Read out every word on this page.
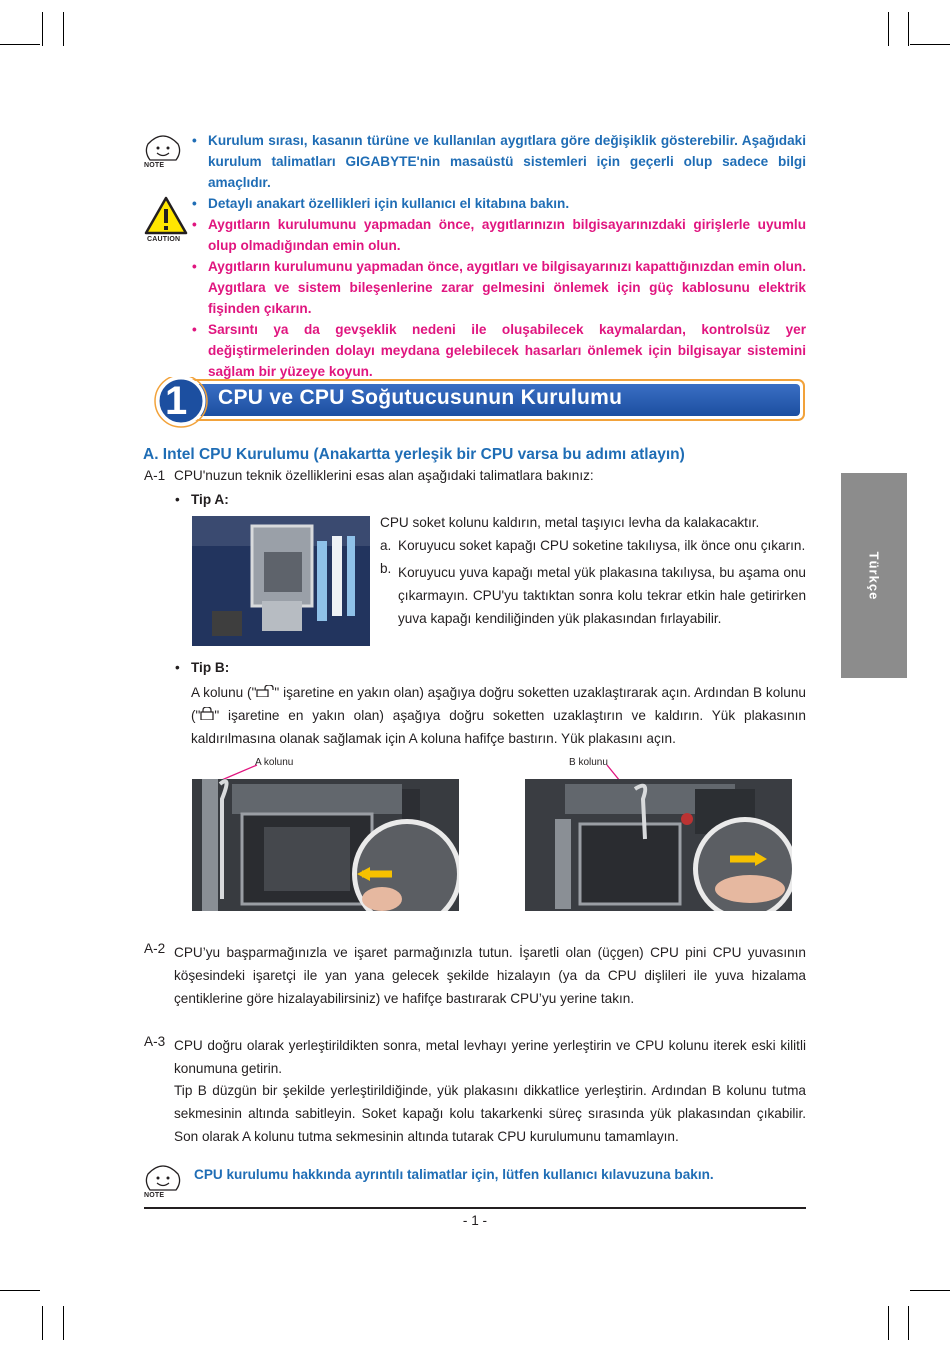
NOTE
CAUTION
• Kurulum sırası, kasanın türüne ve kullanılan aygıtlara göre değişiklik gösterebilir. Aşağıdaki kurulum talimatları GIGABYTE'nin masaüstü sistemleri için geçerli olup sadece bilgi amaçlıdır.
• Detaylı anakart özellikleri için kullanıcı el kitabına bakın.
• Aygıtların kurulumunu yapmadan önce, aygıtlarınızın bilgisayarınızdaki girişlerle uyumlu olup olmadığından emin olun.
• Aygıtların kurulumunu yapmadan önce, aygıtları ve bilgisayarınızı kapattığınızdan emin olun. Aygıtlara ve sistem bileşenlerine zarar gelmesini önlemek için güç kablosunu elektrik fişinden çıkarın.
• Sarsıntı ya da gevşeklik nedeni ile oluşabilecek kaymalardan, kontrolsüz yer değiştirmelerinden dolayı meydana gelebilecek hasarları önlemek için bilgisayar sistemini sağlam bir yüzeye koyun.
Adım
1 CPU ve CPU Soğutucusunun Kurulumu
A. Intel CPU Kurulumu (Anakartta yerleşik bir CPU varsa bu adımı atlayın)
A-1 CPU'nuzun teknik özelliklerini esas alan aşağıdaki talimatlara bakınız:
• Tip A:
CPU soket kolunu kaldırın, metal taşıyıcı levha da kalakacaktır.
a. Koruyucu soket kapağı CPU soketine takılıysa, ilk önce onu çıkarın.
b. Koruyucu yuva kapağı metal yük plakasına takılıysa, bu aşama onu çıkarmayın. CPU'yu taktıktan sonra kolu tekrar etkin hale getirirken yuva kapağı kendiliğinden yük plakasından fırlayabilir.
• Tip B:
A kolunu (" " işaretine en yakın olan) aşağıya doğru soketten uzaklaştırarak açın. Ardından B kolunu (" " işaretine en yakın olan) aşağıya doğru soketten uzaklaştırın ve kaldırın. Yük plakasının kaldırılmasına olanak sağlamak için A koluna hafifçe bastırın. Yük plakasını açın.
A kolunu	B kolunu
A-2 CPU’yu başparmağınızla ve işaret parmağınızla tutun. İşaretli olan (üçgen) CPU pini CPU yuvasının köşesindeki işaretçi ile yan yana gelecek şekilde hizalayın (ya da CPU dişlileri ile yuva hizalama çentiklerine göre hizalayabilirsiniz) ve hafifçe bastırarak CPU’yu yerine takın.
A-3 CPU doğru olarak yerleştirildikten sonra, metal levhayı yerine yerleştirin ve CPU kolunu iterek eski kilitli konumuna getirin.
Tip B düzgün bir şekilde yerleştirildiğinde, yük plakasını dikkatlice yerleştirin. Ardından B kolunu tutma sekmesinin altında sabitleyin. Soket kapağı kolu takarkenki süreç sırasında yük plakasından çıkabilir. Son olarak A kolunu tutma sekmesinin altında tutarak CPU kurulumunu tamamlayın.
NOTE
CPU kurulumu hakkında ayrıntılı talimatlar için, lütfen kullanıcı kılavuzuna bakın.
- 1 -
Türkçe
